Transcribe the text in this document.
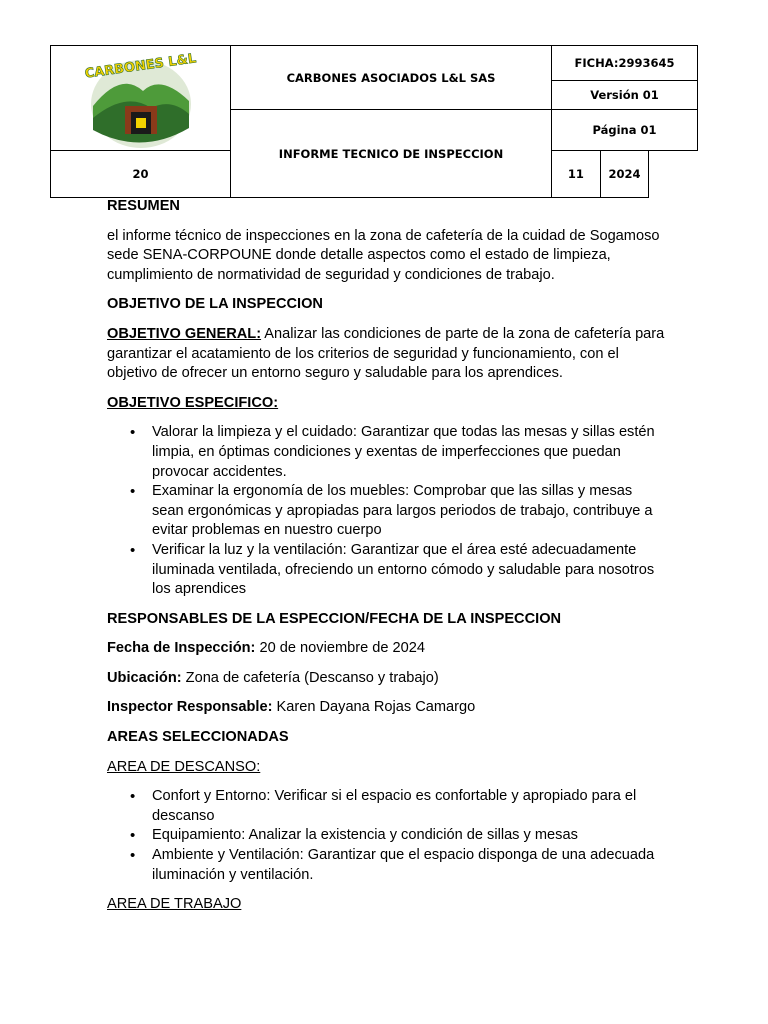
CARBONES L&L	CARBONES ASOCIADOS L&L SAS	FICHA:2993645	
		Versión 01	
	INFORME TECNICO DE INSPECCION	Página 01	
20		11	2024

RESUMEN

el informe técnico de inspecciones en la zona de cafetería de la cuidad de Sogamoso sede SENA-CORPOUNE donde detalle aspectos como el estado de limpieza, cumplimiento de normatividad de seguridad y condiciones de trabajo.

OBJETIVO DE LA INSPECCION

OBJETIVO GENERAL: Analizar las condiciones de parte de la zona de cafetería para garantizar el acatamiento de los criterios de seguridad y funcionamiento, con el objetivo de ofrecer un entorno seguro y saludable para los aprendices.

OBJETIVO ESPECIFICO:

• Valorar la limpieza y el cuidado: Garantizar que todas las mesas y sillas estén limpia, en óptimas condiciones y exentas de imperfecciones que puedan provocar accidentes.
• Examinar la ergonomía de los muebles: Comprobar que las sillas y mesas sean ergonómicas y apropiadas para largos periodos de trabajo, contribuye a evitar problemas en nuestro cuerpo
• Verificar la luz y la ventilación: Garantizar que el área esté adecuadamente iluminada ventilada, ofreciendo un entorno cómodo y saludable para nosotros los aprendices

RESPONSABLES DE LA ESPECCION/FECHA DE LA INSPECCION

Fecha de Inspección: 20 de noviembre de 2024

Ubicación: Zona de cafetería (Descanso y trabajo)

Inspector Responsable: Karen Dayana Rojas Camargo

AREAS SELECCIONADAS

AREA DE DESCANSO:

• Confort y Entorno: Verificar si el espacio es confortable y apropiado para el descanso
• Equipamiento: Analizar la existencia y condición de sillas y mesas
• Ambiente y Ventilación: Garantizar que el espacio disponga de una adecuada iluminación y ventilación.

AREA DE TRABAJO
